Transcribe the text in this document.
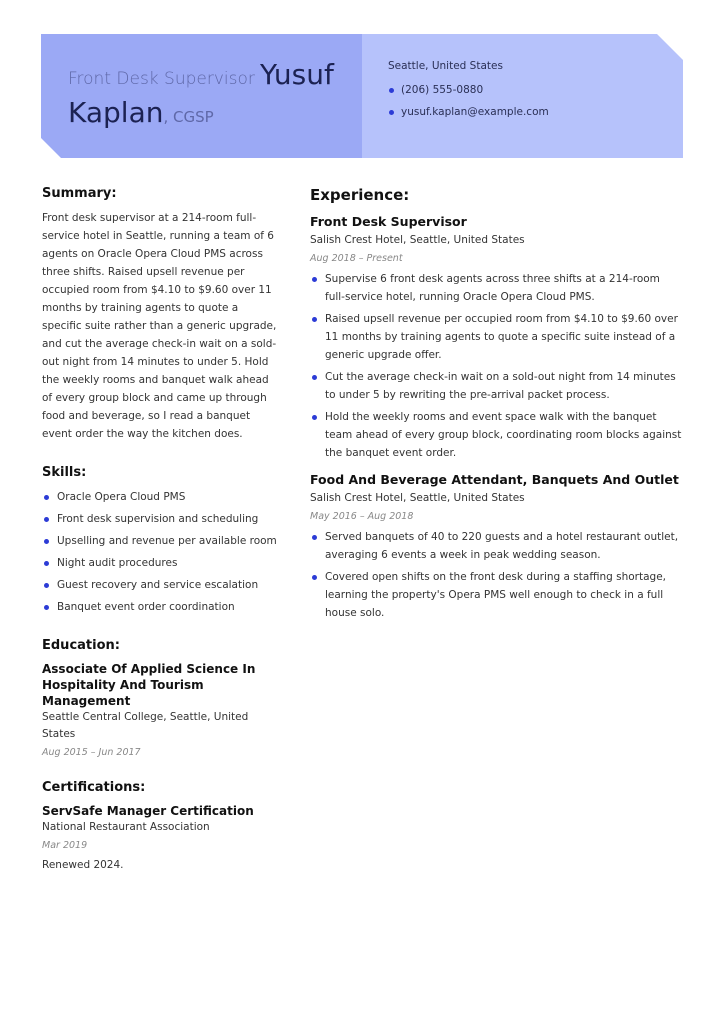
Front Desk Supervisor Yusuf
Kaplan, CGSP
Seattle, United States
(206) 555-0880
yusuf.kaplan@example.com
Summary:

Front desk supervisor at a 214-room full-service hotel in Seattle, running a team of 6 agents on Oracle Opera Cloud PMS across three shifts. Raised upsell revenue per occupied room from $4.10 to $9.60 over 11 months by training agents to quote a specific suite rather than a generic upgrade, and cut the average check-in wait on a sold-out night from 14 minutes to under 5. Hold the weekly rooms and banquet walk ahead of every group block and came up through food and beverage, so I read a banquet event order the way the kitchen does.

Skills:
Oracle Opera Cloud PMS
Front desk supervision and scheduling
Upselling and revenue per available room
Night audit procedures
Guest recovery and service escalation
Banquet event order coordination
Education:
Associate Of Applied Science In Hospitality And Tourism Management
Seattle Central College, Seattle, United States
Aug 2015 – Jun 2017
Certifications:
ServSafe Manager Certification
National Restaurant Association
Mar 2019
Renewed 2024.
Experience:
Front Desk Supervisor
Salish Crest Hotel, Seattle, United States
Aug 2018 – Present
Supervise 6 front desk agents across three shifts at a 214-room full-service hotel, running Oracle Opera Cloud PMS.
Raised upsell revenue per occupied room from $4.10 to $9.60 over 11 months by training agents to quote a specific suite instead of a generic upgrade offer.
Cut the average check-in wait on a sold-out night from 14 minutes to under 5 by rewriting the pre-arrival packet process.
Hold the weekly rooms and event space walk with the banquet team ahead of every group block, coordinating room blocks against the banquet event order.
Food And Beverage Attendant, Banquets And Outlet
Salish Crest Hotel, Seattle, United States
May 2016 – Aug 2018
Served banquets of 40 to 220 guests and a hotel restaurant outlet, averaging 6 events a week in peak wedding season.
Covered open shifts on the front desk during a staffing shortage, learning the property's Opera PMS well enough to check in a full house solo.
